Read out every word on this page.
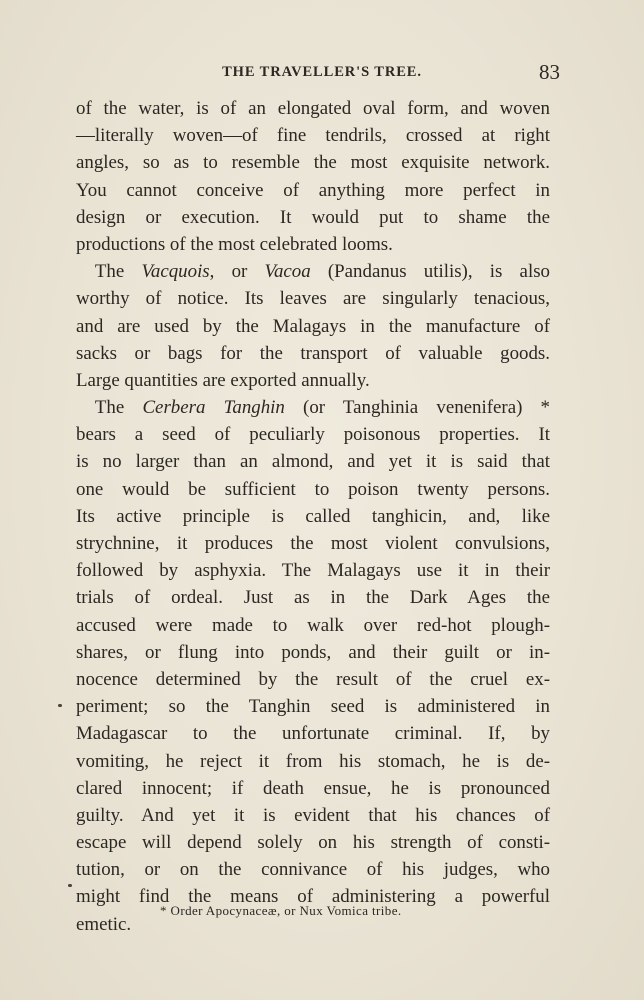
THE TRAVELLER'S TREE.	83
of the water, is of an elongated oval form, and woven
—literally woven—of fine tendrils, crossed at right
angles, so as to resemble the most exquisite network.
You cannot conceive of anything more perfect in
design or execution. It would put to shame the
productions of the most celebrated looms.
 The Vacquois, or Vacoa (Pandanus utilis), is also
worthy of notice. Its leaves are singularly tenacious,
and are used by the Malagays in the manufacture of
sacks or bags for the transport of valuable goods.
Large quantities are exported annually.
 The Cerbera Tanghin (or Tanghinia venenifera) *
bears a seed of peculiarly poisonous properties. It
is no larger than an almond, and yet it is said that
one would be sufficient to poison twenty persons.
Its active principle is called tanghicin, and, like
strychnine, it produces the most violent convulsions,
followed by asphyxia. The Malagays use it in their
trials of ordeal. Just as in the Dark Ages the
accused were made to walk over red-hot plough-
shares, or flung into ponds, and their guilt or in-
nocence determined by the result of the cruel ex-
periment; so the Tanghin seed is administered in
Madagascar to the unfortunate criminal. If, by
vomiting, he reject it from his stomach, he is de-
clared innocent; if death ensue, he is pronounced
guilty. And yet it is evident that his chances of
escape will depend solely on his strength of consti-
tution, or on the connivance of his judges, who
might find the means of administering a powerful
emetic.
* Order Apocynaceæ, or Nux Vomica tribe.
